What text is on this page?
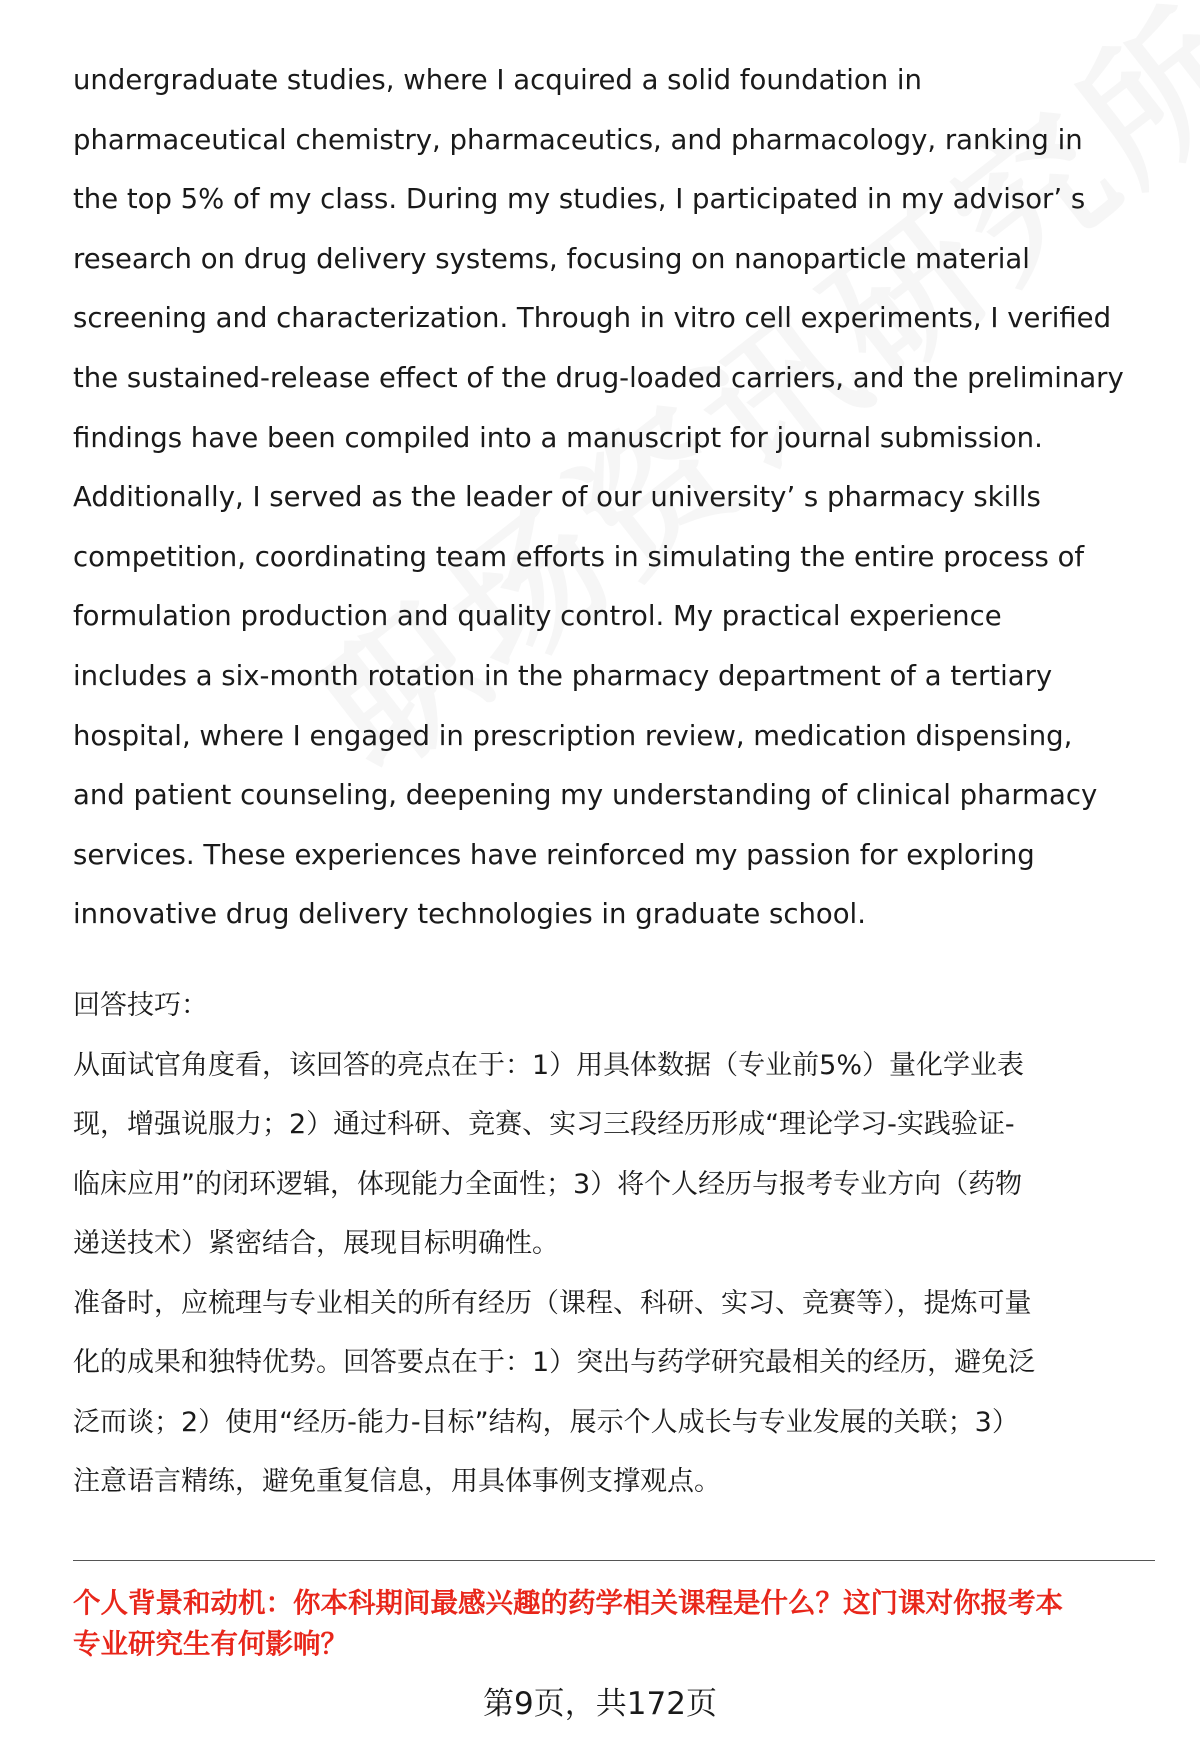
undergraduate studies, where I acquired a solid foundation in
pharmaceutical chemistry, pharmaceutics, and pharmacology, ranking in
the top 5% of my class. During my studies, I participated in my advisor’ s
research on drug delivery systems, focusing on nanoparticle material
screening and characterization. Through in vitro cell experiments, I verified
the sustained-release effect of the drug-loaded carriers, and the preliminary
findings have been compiled into a manuscript for journal submission.
Additionally, I served as the leader of our university’ s pharmacy skills
competition, coordinating team efforts in simulating the entire process of
formulation production and quality control. My practical experience
includes a six-month rotation in the pharmacy department of a tertiary
hospital, where I engaged in prescription review, medication dispensing,
and patient counseling, deepening my understanding of clinical pharmacy
services. These experiences have reinforced my passion for exploring
innovative drug delivery technologies in graduate school.
回答技巧：
从面试官角度看，该回答的亮点在于：1）用具体数据（专业前5%）量化学业表
现，增强说服力；2）通过科研、竞赛、实习三段经历形成“理论学习-实践验证-
临床应用”的闭环逻辑，体现能力全面性；3）将个人经历与报考专业方向（药物
递送技术）紧密结合，展现目标明确性。
准备时，应梳理与专业相关的所有经历（课程、科研、实习、竞赛等），提炼可量
化的成果和独特优势。回答要点在于：1）突出与药学研究最相关的经历，避免泛
泛而谈；2）使用“经历-能力-目标”结构，展示个人成长与专业发展的关联；3）
注意语言精练，避免重复信息，用具体事例支撑观点。
个人背景和动机：你本科期间最感兴趣的药学相关课程是什么？这门课对你报考本
专业研究生有何影响？
第9页，共172页
